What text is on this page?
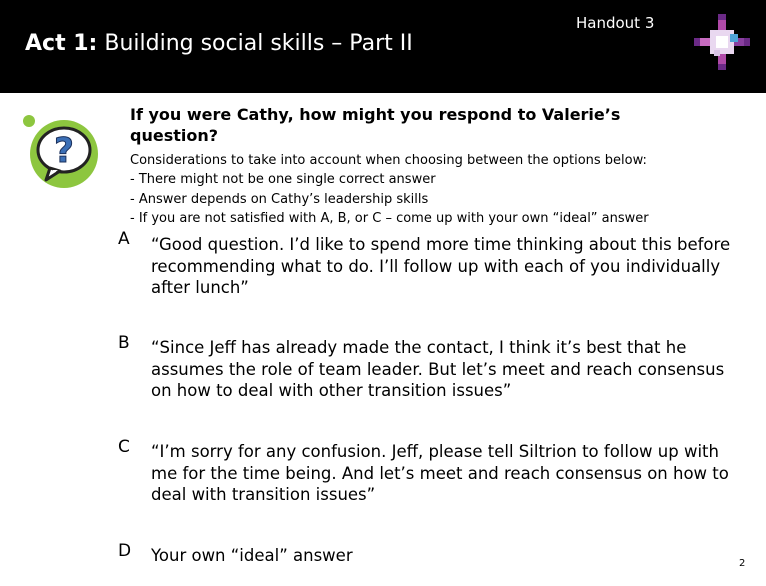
Act 1: Building social skills – Part II
Handout 3
?
If you were Cathy, how might you respond to Valerie’s question?
Considerations to take into account when choosing between the options below:
- There might not be one single correct answer
- Answer depends on Cathy’s leadership skills
- If you are not satisfied with A, B, or C – come up with your own “ideal” answer
A “Good question. I’d like to spend more time thinking about this before recommending what to do. I’ll follow up with each of you individually after lunch”
B “Since Jeff has already made the contact, I think it’s best that he assumes the role of team leader. But let’s meet and reach consensus on how to deal with other transition issues”
C “I’m sorry for any confusion. Jeff, please tell Siltrion to follow up with me for the time being. And let’s meet and reach consensus on how to deal with transition issues”
D Your own “ideal” answer	2
